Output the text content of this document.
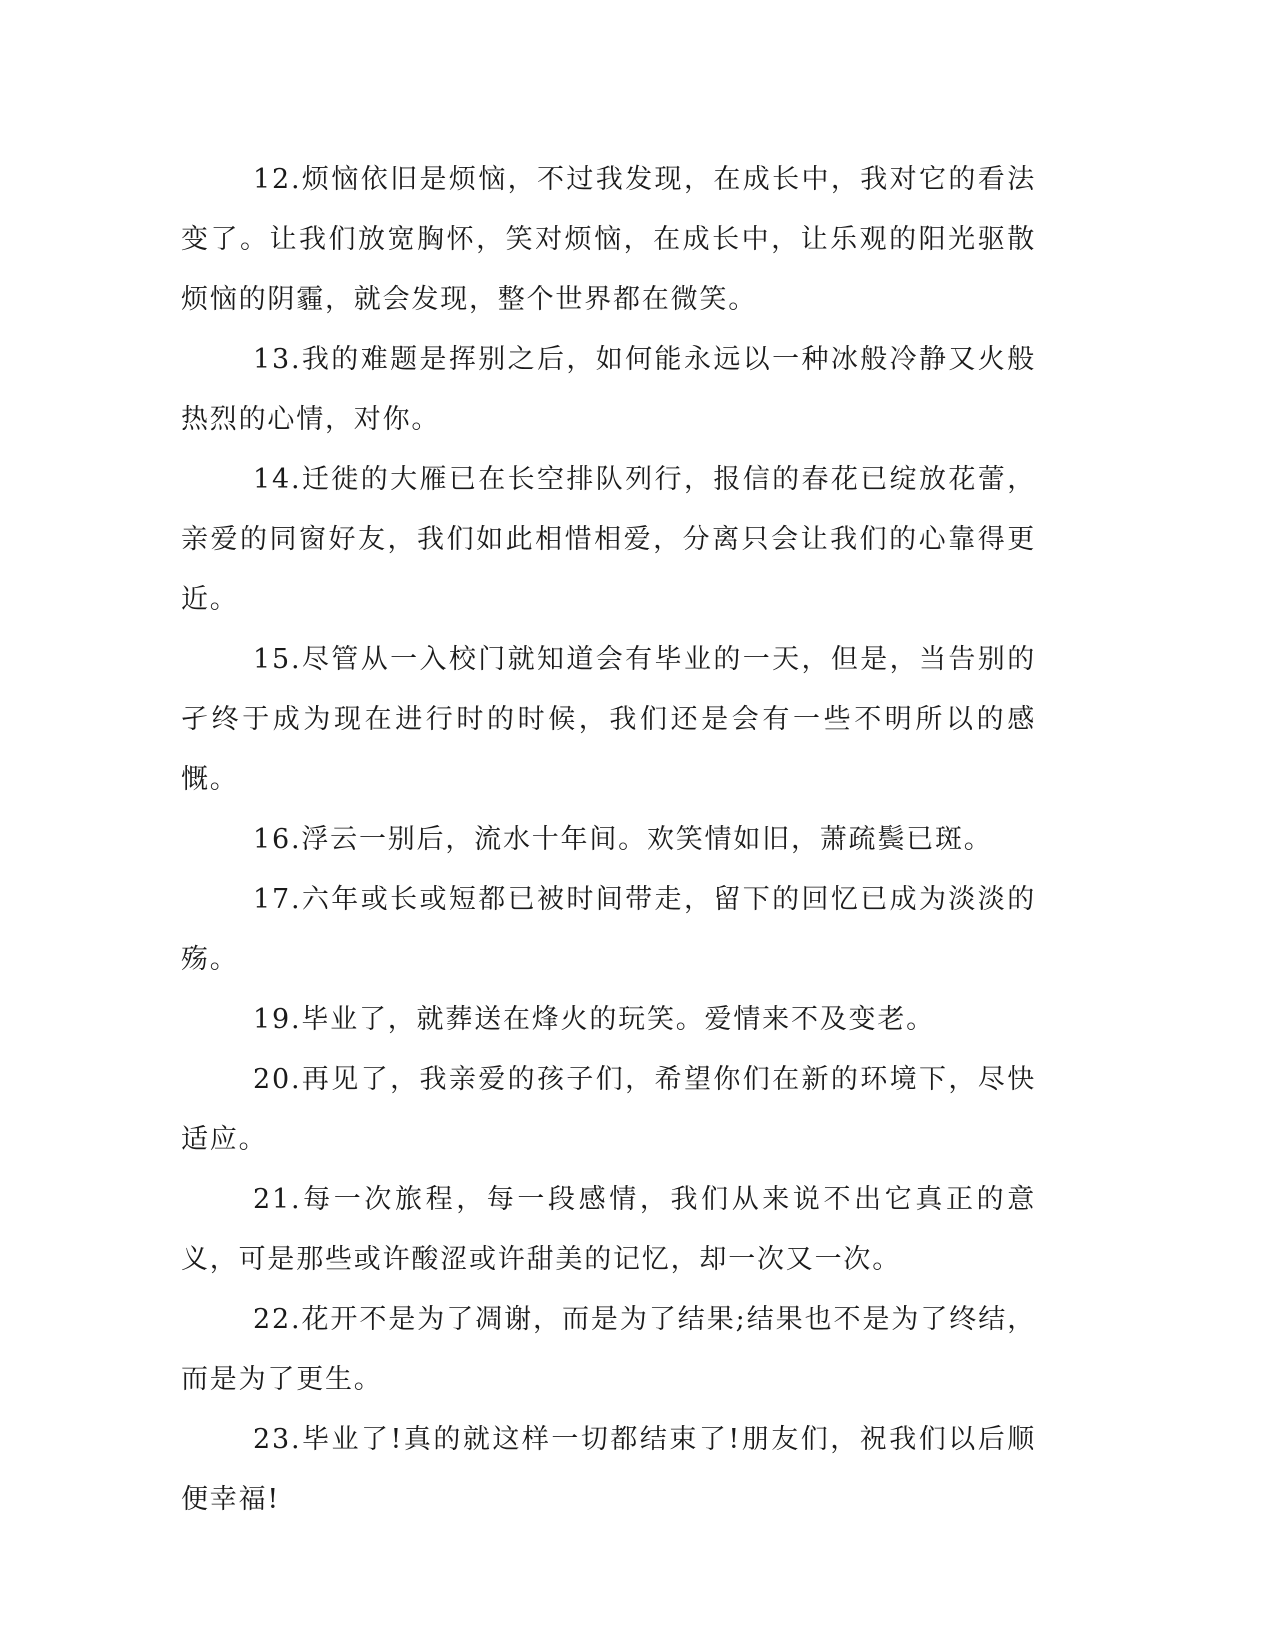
12.烦恼依旧是烦恼，不过我发现，在成长中，我对它的看法变了。让我们放宽胸怀，笑对烦恼，在成长中，让乐观的阳光驱散烦恼的阴霾，就会发现，整个世界都在微笑。

13.我的难题是挥别之后，如何能永远以一种冰般冷静又火般热烈的心情，对你。

14.迁徙的大雁已在长空排队列行，报信的春花已绽放花蕾，亲爱的同窗好友，我们如此相惜相爱，分离只会让我们的心靠得更近。

15.尽管从一入校门就知道会有毕业的一天，但是，当告别的孑终于成为现在进行时的时候，我们还是会有一些不明所以的感慨。

16.浮云一别后，流水十年间。欢笑情如旧，萧疏鬓已斑。

17.六年或长或短都已被时间带走，留下的回忆已成为淡淡的殇。

19.毕业了，就葬送在烽火的玩笑。爱情来不及变老。

20.再见了，我亲爱的孩子们，希望你们在新的环境下，尽快适应。

21.每一次旅程，每一段感情，我们从来说不出它真正的意义，可是那些或许酸涩或许甜美的记忆，却一次又一次。

22.花开不是为了凋谢，而是为了结果;结果也不是为了终结，而是为了更生。

23.毕业了!真的就这样一切都结束了!朋友们，祝我们以后顺便幸福!
